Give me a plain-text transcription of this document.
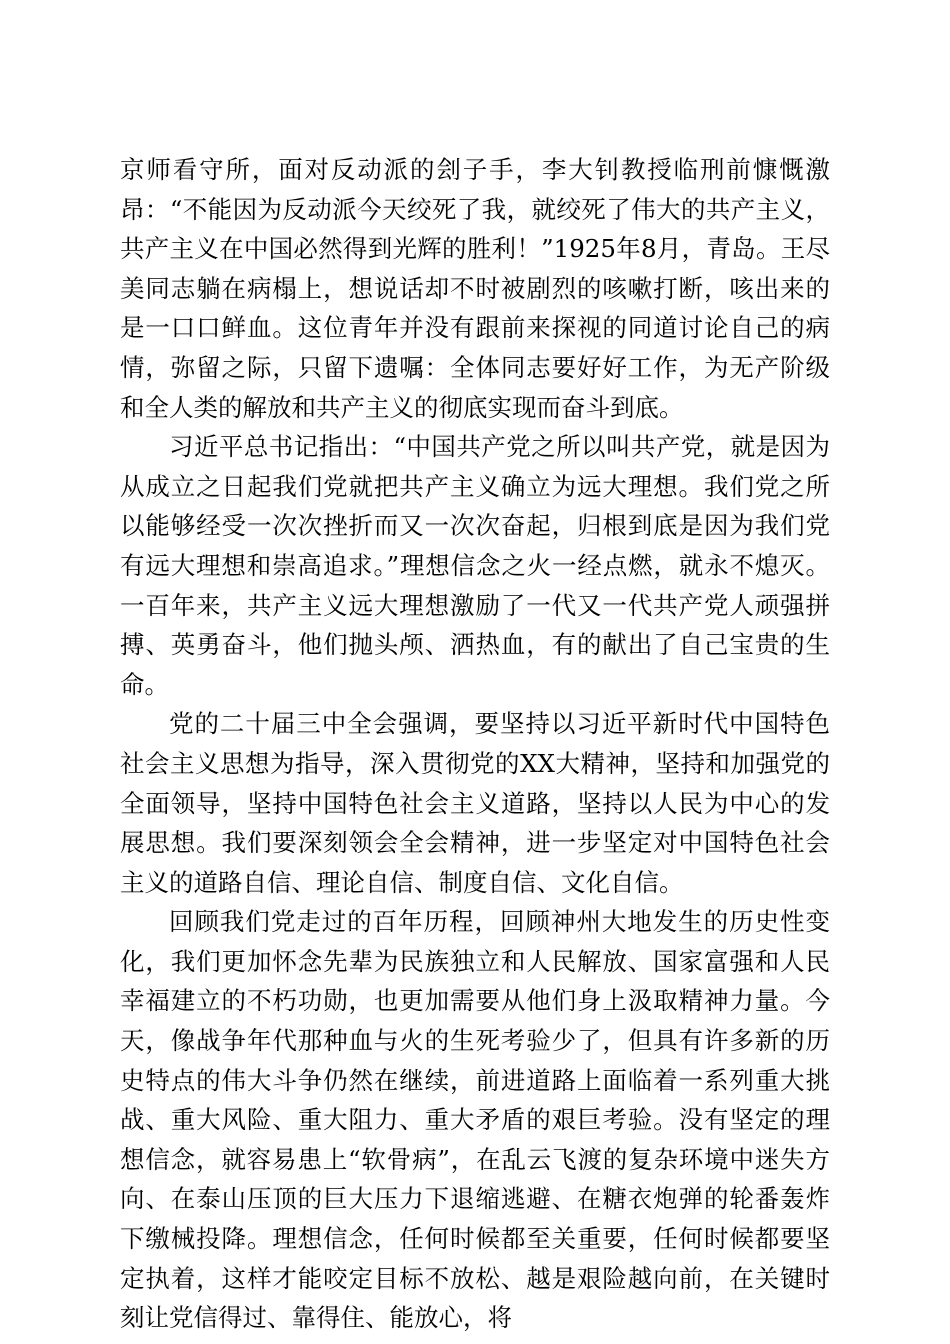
京师看守所，面对反动派的刽子手，李大钊教授临刑前慷慨激昂：“不能因为反动派今天绞死了我，就绞死了伟大的共产主义，共产主义在中国必然得到光辉的胜利！”1925年8月，青岛。王尽美同志躺在病榻上，想说话却不时被剧烈的咳嗽打断，咳出来的是一口口鲜血。这位青年并没有跟前来探视的同道讨论自己的病情，弥留之际，只留下遗嘱：全体同志要好好工作，为无产阶级和全人类的解放和共产主义的彻底实现而奋斗到底。

习近平总书记指出：“中国共产党之所以叫共产党，就是因为从成立之日起我们党就把共产主义确立为远大理想。我们党之所以能够经受一次次挫折而又一次次奋起，归根到底是因为我们党有远大理想和崇高追求。”理想信念之火一经点燃，就永不熄灭。一百年来，共产主义远大理想激励了一代又一代共产党人顽强拼搏、英勇奋斗，他们抛头颅、洒热血，有的献出了自己宝贵的生命。

党的二十届三中全会强调，要坚持以习近平新时代中国特色社会主义思想为指导，深入贯彻党的XX大精神，坚持和加强党的全面领导，坚持中国特色社会主义道路，坚持以人民为中心的发展思想。我们要深刻领会全会精神，进一步坚定对中国特色社会主义的道路自信、理论自信、制度自信、文化自信。

回顾我们党走过的百年历程，回顾神州大地发生的历史性变化，我们更加怀念先辈为民族独立和人民解放、国家富强和人民幸福建立的不朽功勋，也更加需要从他们身上汲取精神力量。今天，像战争年代那种血与火的生死考验少了，但具有许多新的历史特点的伟大斗争仍然在继续，前进道路上面临着一系列重大挑战、重大风险、重大阻力、重大矛盾的艰巨考验。没有坚定的理想信念，就容易患上“软骨病”，在乱云飞渡的复杂环境中迷失方向、在泰山压顶的巨大压力下退缩逃避、在糖衣炮弹的轮番轰炸下缴械投降。理想信念，任何时候都至关重要，任何时候都要坚定执着，这样才能咬定目标不放松、越是艰险越向前，在关键时刻让党信得过、靠得住、能放心，将
